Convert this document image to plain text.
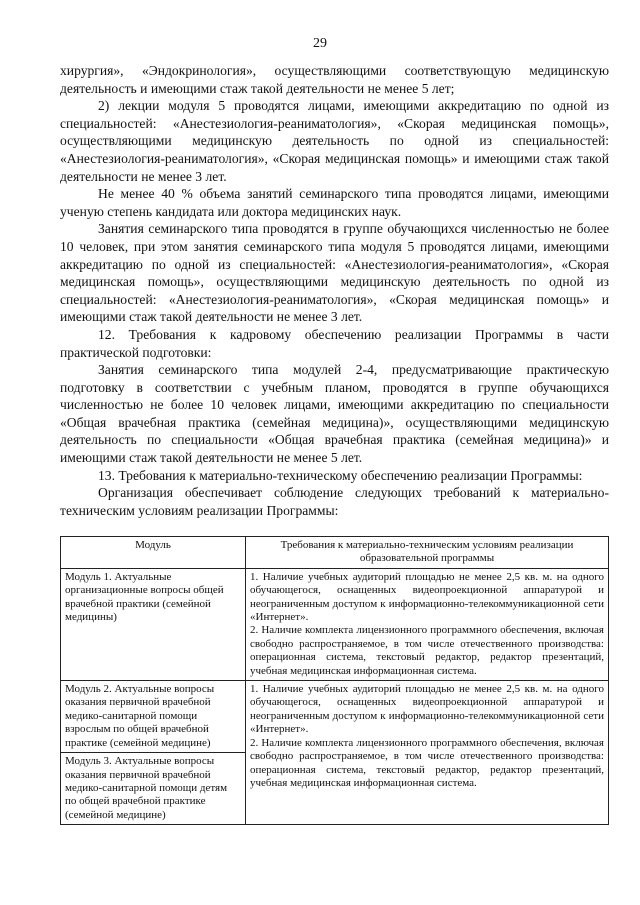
29

хирургия», «Эндокринология», осуществляющими соответствующую медицинскую деятельность и имеющими стаж такой деятельности не менее 5 лет;

2) лекции модуля 5 проводятся лицами, имеющими аккредитацию по одной из специальностей: «Анестезиология-реаниматология», «Скорая медицинская помощь», осуществляющими медицинскую деятельность по одной из специальностей: «Анестезиология-реаниматология», «Скорая медицинская помощь» и имеющими стаж такой деятельности не менее 3 лет.

Не менее 40 % объема занятий семинарского типа проводятся лицами, имеющими ученую степень кандидата или доктора медицинских наук.

Занятия семинарского типа проводятся в группе обучающихся численностью не более 10 человек, при этом занятия семинарского типа модуля 5 проводятся лицами, имеющими аккредитацию по одной из специальностей: «Анестезиология-реаниматология», «Скорая медицинская помощь», осуществляющими медицинскую деятельность по одной из специальностей: «Анестезиология-реаниматология», «Скорая медицинская помощь» и имеющими стаж такой деятельности не менее 3 лет.

12. Требования к кадровому обеспечению реализации Программы в части практической подготовки:

Занятия семинарского типа модулей 2-4, предусматривающие практическую подготовку в соответствии с учебным планом, проводятся в группе обучающихся численностью не более 10 человек лицами, имеющими аккредитацию по специальности «Общая врачебная практика (семейная медицина)», осуществляющими медицинскую деятельность по специальности «Общая врачебная практика (семейная медицина)» и имеющими стаж такой деятельности не менее 5 лет.

13. Требования к материально-техническому обеспечению реализации Программы:

Организация обеспечивает соблюдение следующих требований к материально-техническим условиям реализации Программы:

Модуль	Требования к материально-техническим условиям реализации образовательной программы
Модуль 1. Актуальные организационные вопросы общей врачебной практики (семейной медицины)	1. Наличие учебных аудиторий площадью не менее 2,5 кв. м. на одного обучающегося, оснащенных видеопроекционной аппаратурой и неограниченным доступом к информационно-телекоммуникационной сети «Интернет».

2. Наличие комплекта лицензионного программного обеспечения, включая свободно распространяемое, в том числе отечественного производства: операционная система, текстовый редактор, редактор презентаций, учебная медицинская информационная система.

Модуль 2. Актуальные вопросы оказания первичной врачебной медико-санитарной помощи взрослым по общей врачебной практике (семейной медицине)	1. Наличие учебных аудиторий площадью не менее 2,5 кв. м. на одного обучающегося, оснащенных видеопроекционной аппаратурой и неограниченным доступом к информационно-телекоммуникационной сети «Интернет».

2. Наличие комплекта лицензионного программного обеспечения, включая свободно распространяемое, в том числе отечественного производства: операционная система, текстовый редактор, редактор презентаций, учебная медицинская информационная система.

Модуль 3. Актуальные вопросы оказания первичной врачебной медико-санитарной помощи детям по общей врачебной практике (семейной медицине)	
